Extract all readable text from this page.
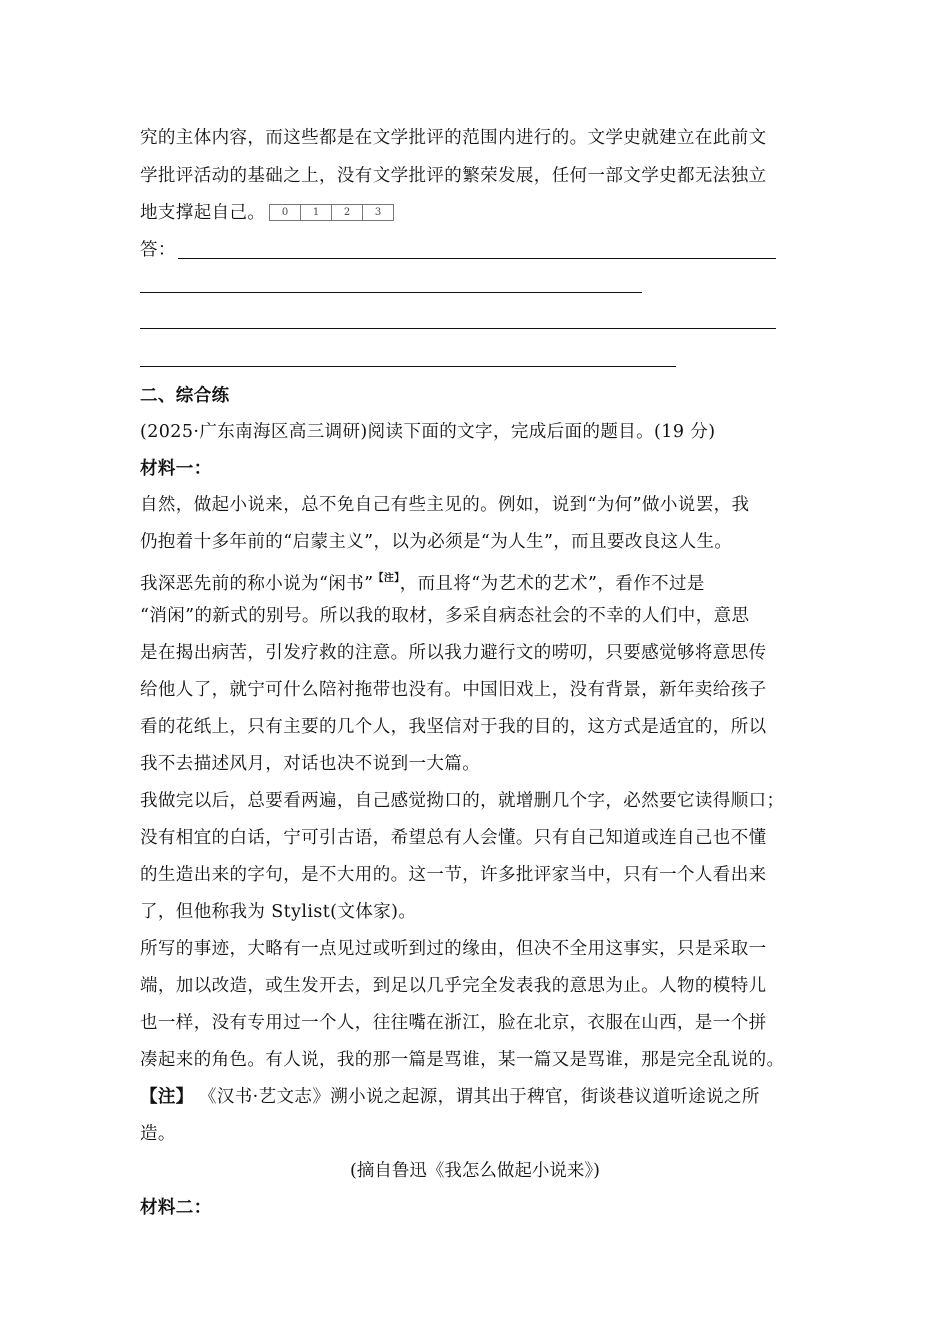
究的主体内容，而这些都是在文学批评的范围内进行的。文学史就建立在此前文
学批评活动的基础之上，没有文学批评的繁荣发展，任何一部文学史都无法独立
地支撑起自己。	0	1	2	3
答：
二、综合练
(2025·广东南海区高三调研)阅读下面的文字，完成后面的题目。(19 分)
材料一：
自然，做起小说来，总不免自己有些主见的。例如，说到“为何”做小说罢，我
仍抱着十多年前的“启蒙主义”，以为必须是“为人生”，而且要改良这人生。
我深恶先前的称小说为“闲书”$^{【注】}$，而且将“为艺术的艺术”，看作不过是
“消闲”的新式的别号。所以我的取材，多采自病态社会的不幸的人们中，意思
是在揭出病苦，引发疗救的注意。所以我力避行文的唠叨，只要感觉够将意思传
给他人了，就宁可什么陪衬拖带也没有。中国旧戏上，没有背景，新年卖给孩子
看的花纸上，只有主要的几个人，我坚信对于我的目的，这方式是适宜的，所以
我不去描述风月，对话也决不说到一大篇。
我做完以后，总要看两遍，自己感觉拗口的，就增删几个字，必然要它读得顺口；
没有相宜的白话，宁可引古语，希望总有人会懂。只有自己知道或连自己也不懂
的生造出来的字句，是不大用的。这一节，许多批评家当中，只有一个人看出来
了，但他称我为 Stylist(文体家)。
所写的事迹，大略有一点见过或听到过的缘由，但决不全用这事实，只是采取一
端，加以改造，或生发开去，到足以几乎完全发表我的意思为止。人物的模特儿
也一样，没有专用过一个人，往往嘴在浙江，脸在北京，衣服在山西，是一个拼
凑起来的角色。有人说，我的那一篇是骂谁，某一篇又是骂谁，那是完全乱说的。
【注】 《汉书·艺文志》溯小说之起源，谓其出于稗官，街谈巷议道听途说之所
造。
(摘自鲁迅《我怎么做起小说来》)
材料二：
